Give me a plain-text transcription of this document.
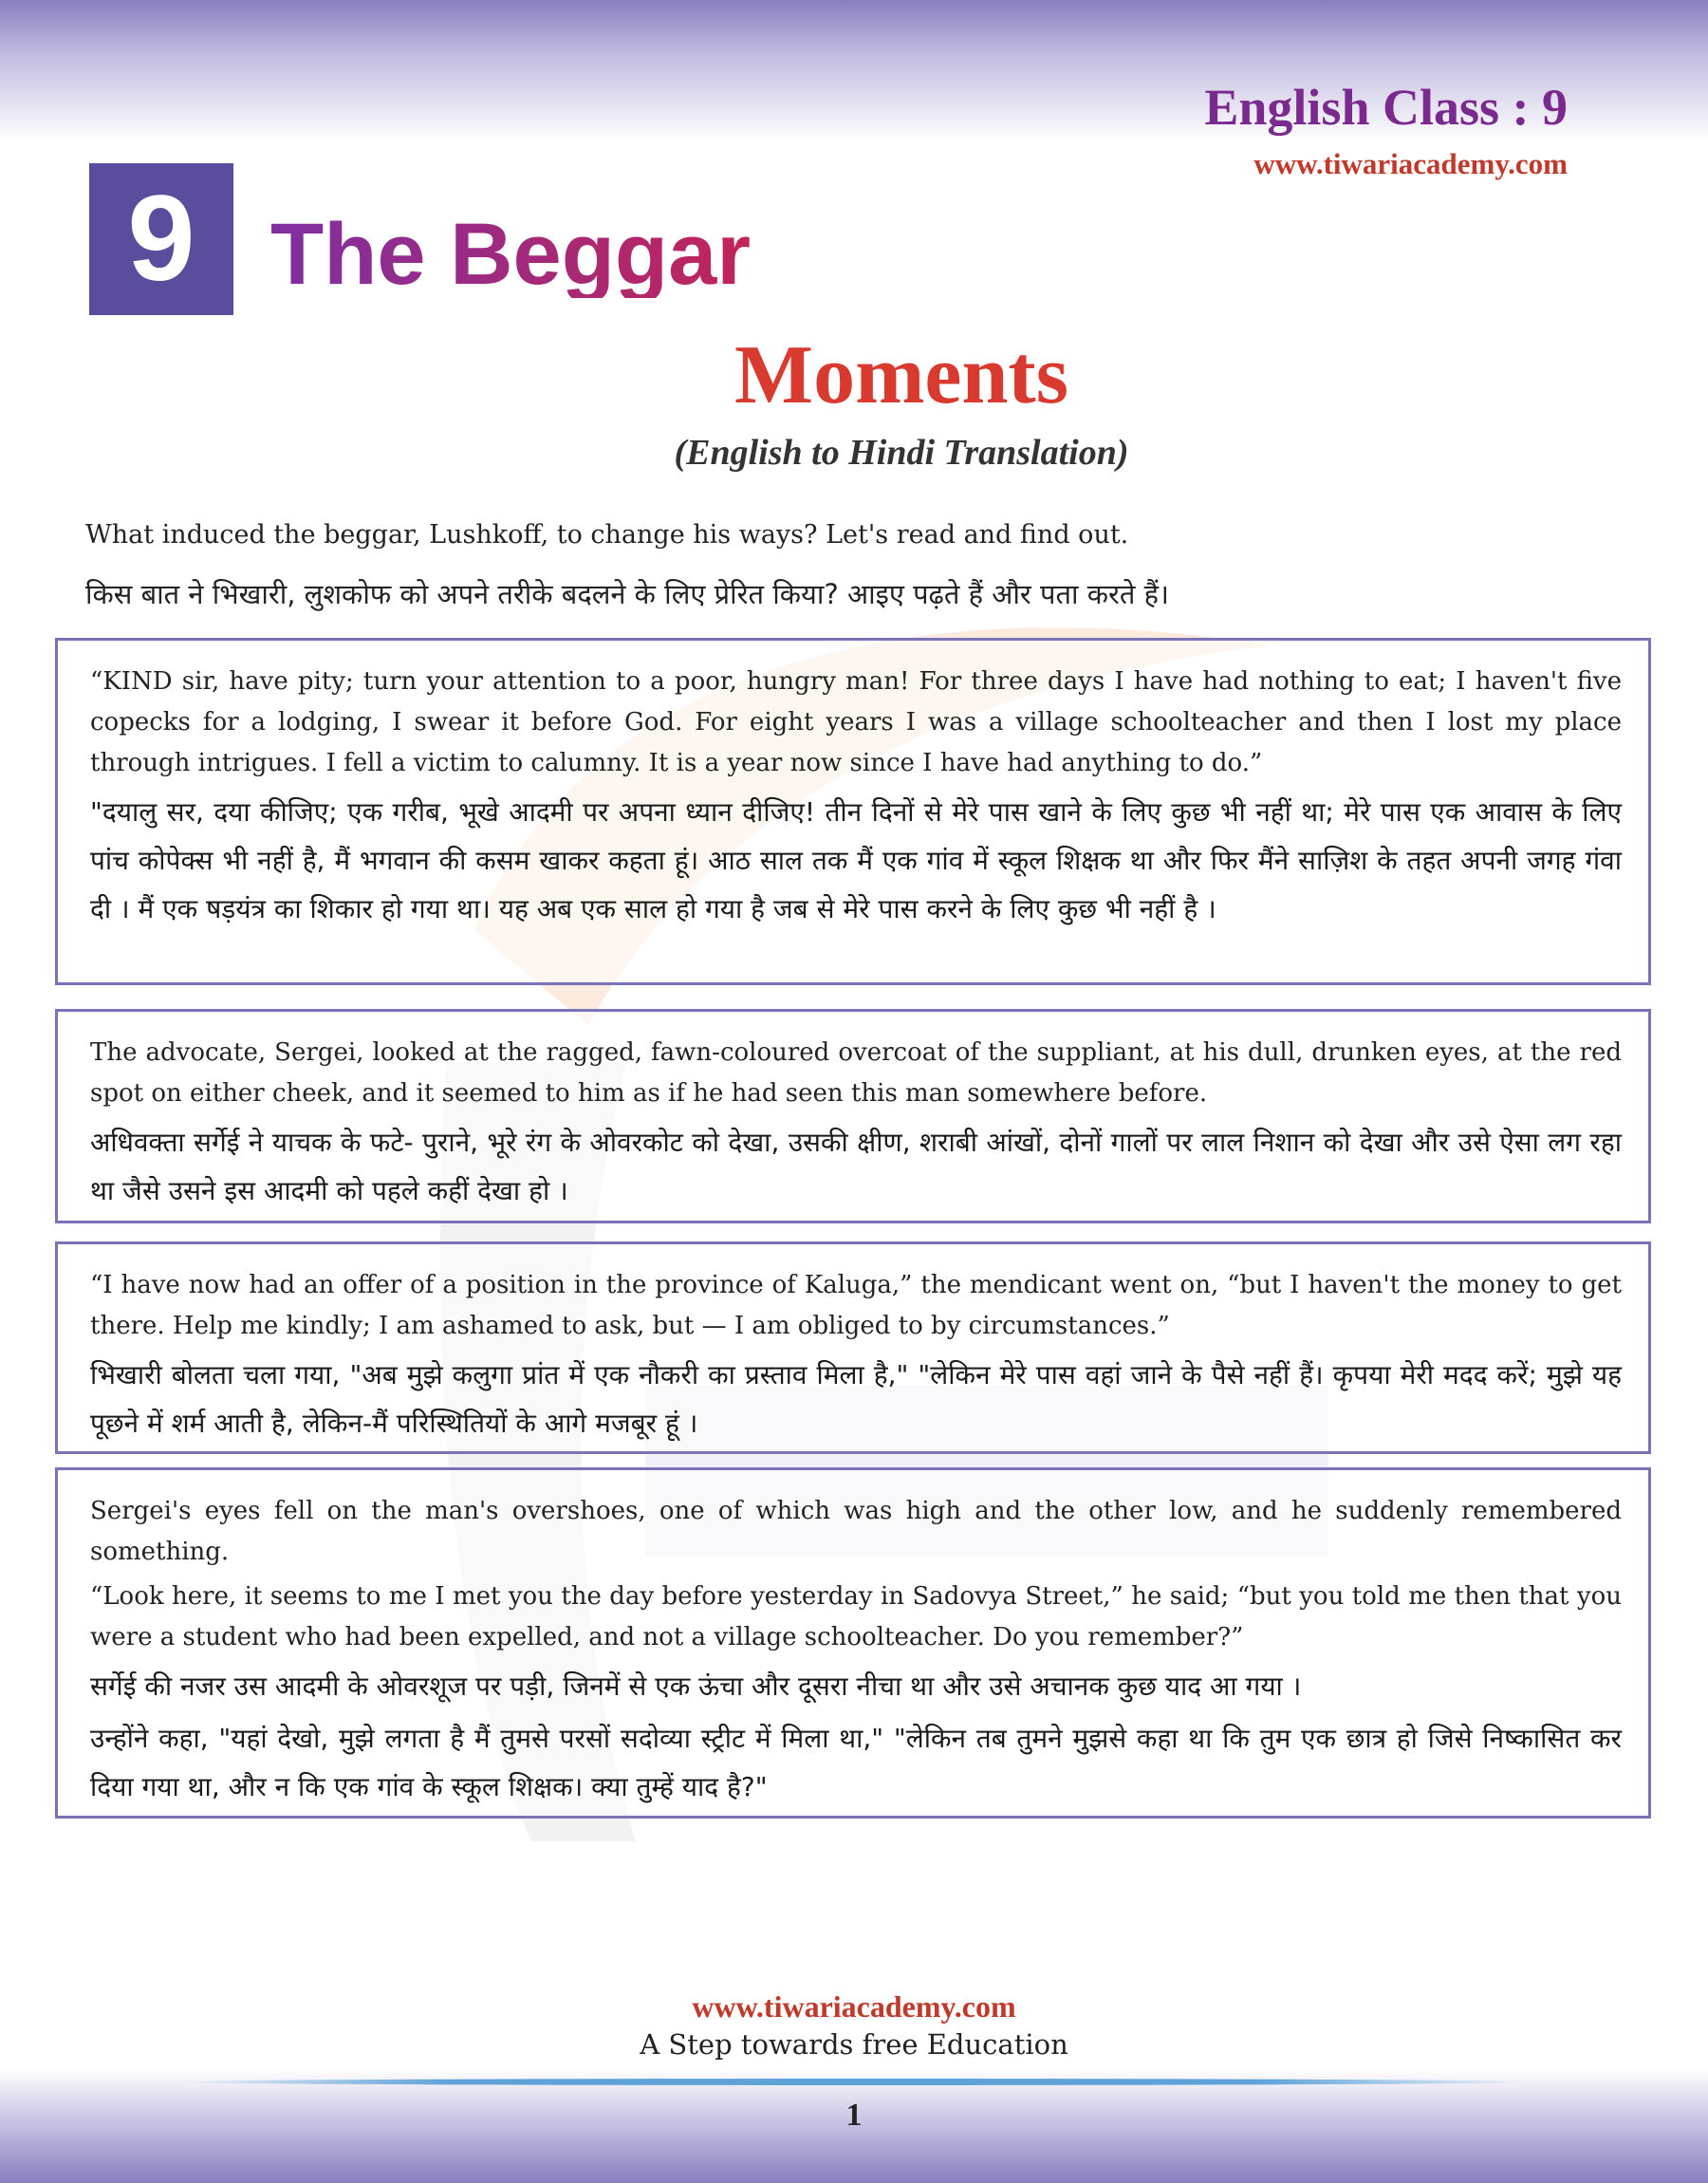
English Class : 9
www.tiwariacademy.com
9 The Beggar
Moments
(English to Hindi Translation)
What induced the beggar, Lushkoff, to change his ways? Let's read and find out.
किस बात ने भिखारी, लुशकोफ को अपने तरीके बदलने के लिए प्रेरित किया? आइए पढ़ते हैं और पता करते हैं।

“KIND sir, have pity; turn your attention to a poor, hungry man! For three days I have had nothing to eat; I haven't five copecks for a lodging, I swear it before God. For eight years I was a village schoolteacher and then I lost my place through intrigues. I fell a victim to calumny. It is a year now since I have had anything to do.”

"दयालु सर, दया कीजिए; एक गरीब, भूखे आदमी पर अपना ध्यान दीजिए! तीन दिनों से मेरे पास खाने के लिए कुछ भी नहीं था; मेरे पास एक आवास के लिए पांच कोपेक्स भी नहीं है, मैं भगवान की कसम खाकर कहता हूं। आठ साल तक मैं एक गांव में स्कूल शिक्षक था और फिर मैंने साज़िश के तहत अपनी जगह गंवा दी । मैं एक षड़यंत्र का शिकार हो गया था। यह अब एक साल हो गया है जब से मेरे पास करने के लिए कुछ भी नहीं है ।

The advocate, Sergei, looked at the ragged, fawn-coloured overcoat of the suppliant, at his dull, drunken eyes, at the red spot on either cheek, and it seemed to him as if he had seen this man somewhere before.

अधिवक्ता सर्गेई ने याचक के फटे- पुराने, भूरे रंग के ओवरकोट को देखा, उसकी क्षीण, शराबी आंखों, दोनों गालों पर लाल निशान को देखा और उसे ऐसा लग रहा था जैसे उसने इस आदमी को पहले कहीं देखा हो ।

“I have now had an offer of a position in the province of Kaluga,” the mendicant went on, “but I haven't the money to get there. Help me kindly; I am ashamed to ask, but — I am obliged to by circumstances.”

भिखारी बोलता चला गया, "अब मुझे कलुगा प्रांत में एक नौकरी का प्रस्ताव मिला है," "लेकिन मेरे पास वहां जाने के पैसे नहीं हैं। कृपया मेरी मदद करें; मुझे यह पूछने में शर्म आती है, लेकिन-मैं परिस्थितियों के आगे मजबूर हूं ।

Sergei's eyes fell on the man's overshoes, one of which was high and the other low, and he suddenly remembered something.

“Look here, it seems to me I met you the day before yesterday in Sadovya Street,” he said; “but you told me then that you were a student who had been expelled, and not a village schoolteacher. Do you remember?”

सर्गेई की नजर उस आदमी के ओवरशूज पर पड़ी, जिनमें से एक ऊंचा और दूसरा नीचा था और उसे अचानक कुछ याद आ गया ।

उन्होंने कहा, "यहां देखो, मुझे लगता है मैं तुमसे परसों सदोव्या स्ट्रीट में मिला था," "लेकिन तब तुमने मुझसे कहा था कि तुम एक छात्र हो जिसे निष्कासित कर दिया गया था, और न कि एक गांव के स्कूल शिक्षक। क्या तुम्हें याद है?"

www.tiwariacademy.com
A Step towards free Education
1
